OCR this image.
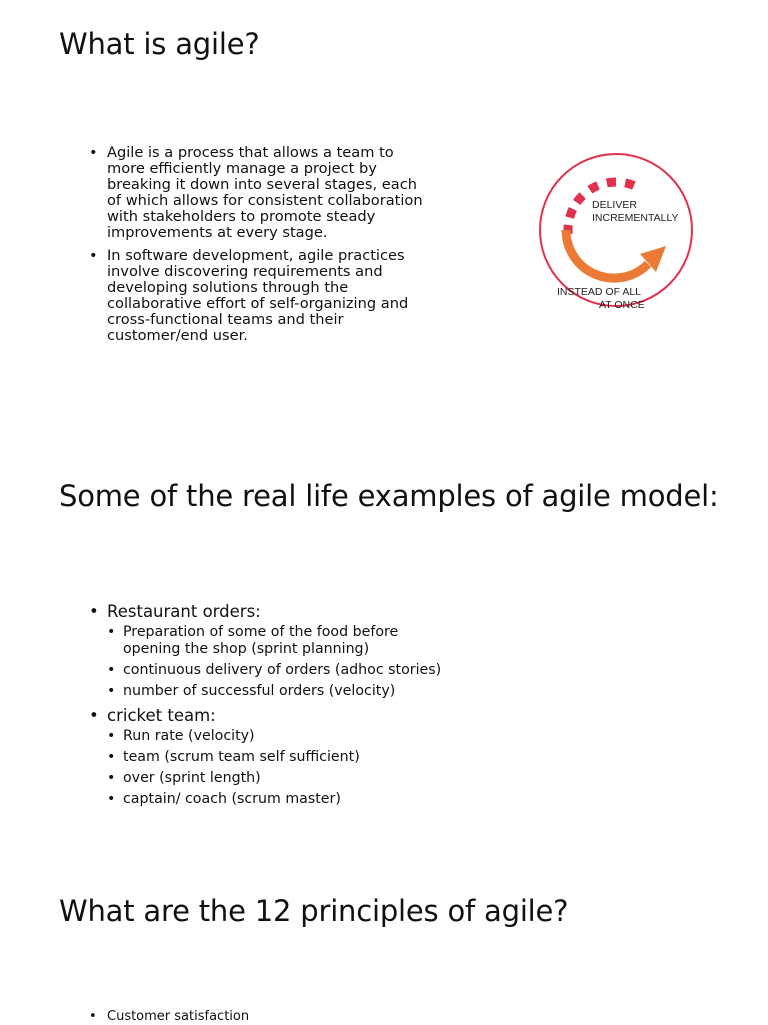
What is agile?
• Agile is a process that allows a team to more efficiently manage a project by breaking it down into several stages, each of which allows for consistent collaboration with stakeholders to promote steady improvements at every stage.
• In software development, agile practices involve discovering requirements and developing solutions through the collaborative effort of self-organizing and cross-functional teams and their customer/end user.
DELIVER
INCREMENTALLY
INSTEAD OF ALL
AT ONCE
Some of the real life examples of agile model:
• Restaurant orders:
• Preparation of some of the food before opening the shop (sprint planning)
• continuous delivery of orders (adhoc stories)
• number of successful orders (velocity)
• cricket team:
• Run rate (velocity)
• team (scrum team self sufficient)
• over (sprint length)
• captain/ coach (scrum master)
What are the 12 principles of agile?
• Customer satisfaction
